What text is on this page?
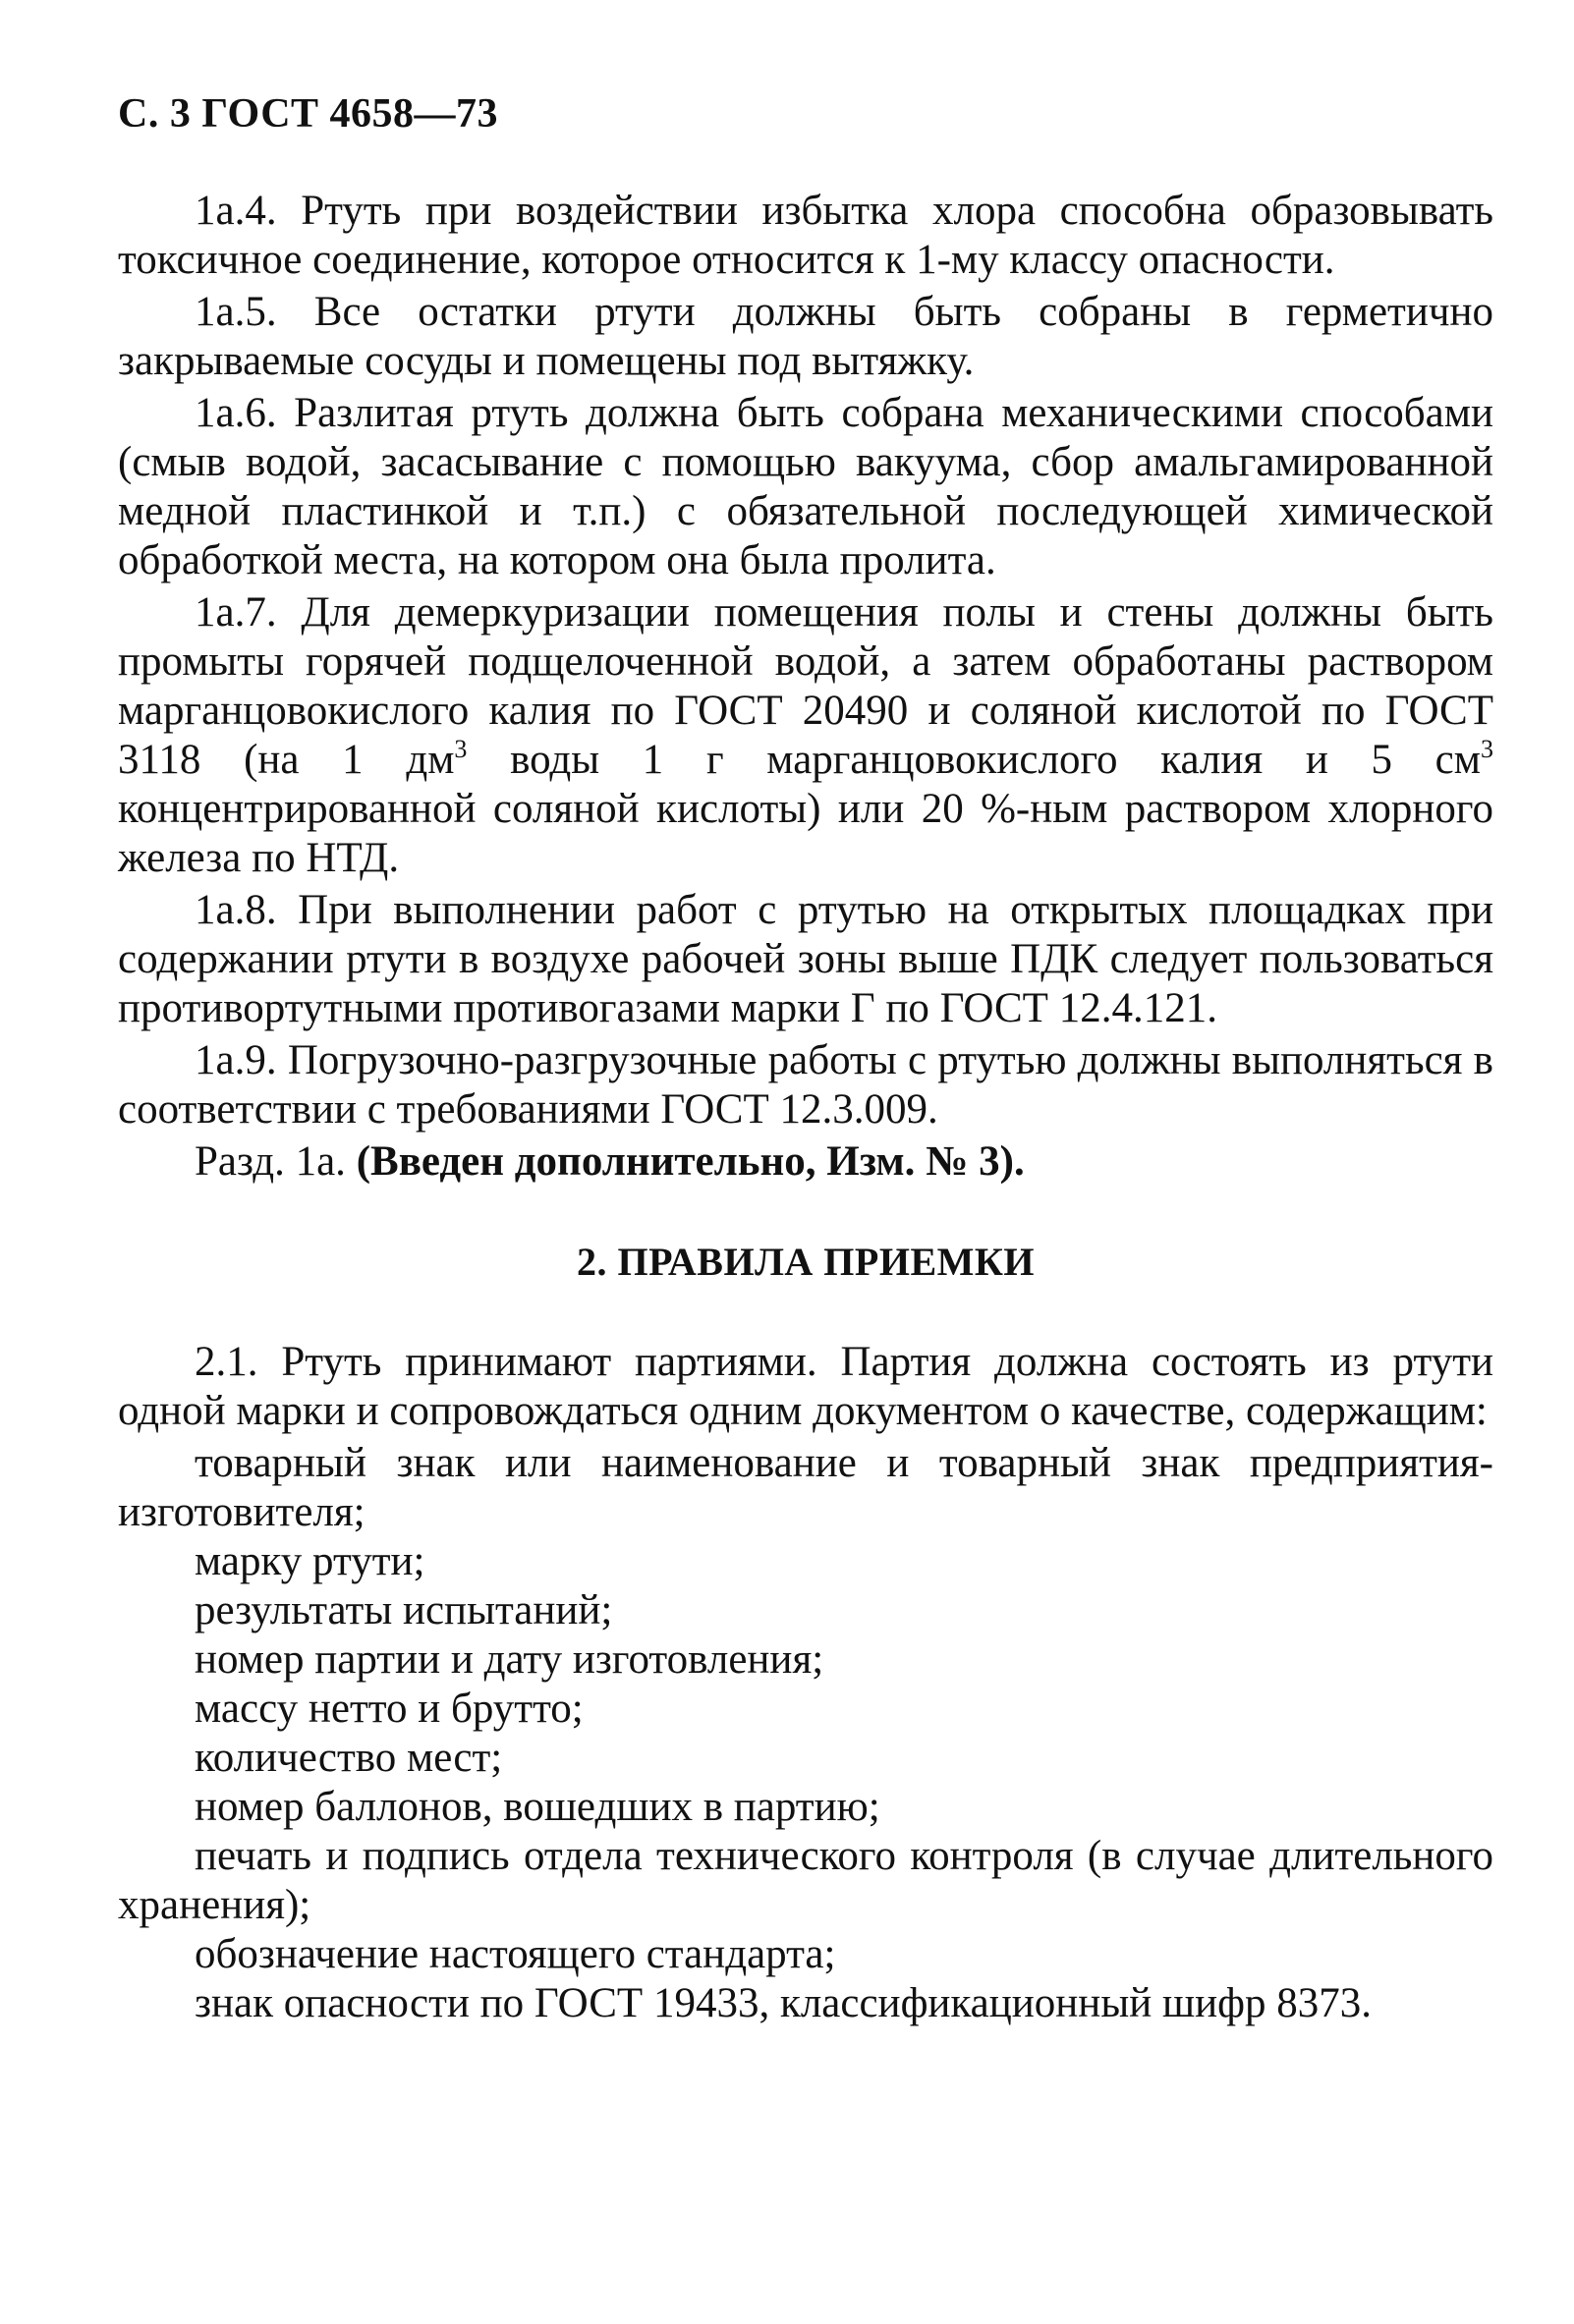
С. 3 ГОСТ 4658—73

1а.4. Ртуть при воздействии избытка хлора способна образовывать токсичное соединение, которое относится к 1-му классу опасности.

1а.5. Все остатки ртути должны быть собраны в герметично закрываемые сосуды и помещены под вытяжку.

1а.6. Разлитая ртуть должна быть собрана механическими способами (смыв водой, засасывание с помощью вакуума, сбор амальгамированной медной пластинкой и т.п.) с обязательной последующей химической обработкой места, на котором она была пролита.

1а.7. Для демеркуризации помещения полы и стены должны быть промыты горячей подщелоченной водой, а затем обработаны раствором марганцовокислого калия по ГОСТ 20490 и соляной кислотой по ГОСТ 3118 (на 1 $дм^3$ воды 1 г марганцовокислого калия и 5 $см^3$ концентрированной соляной кислоты) или 20 %-ным раствором хлорного железа по НТД.

1а.8. При выполнении работ с ртутью на открытых площадках при содержании ртути в воздухе рабочей зоны выше ПДК следует пользоваться противортутными противогазами марки Г по ГОСТ 12.4.121.

1а.9. Погрузочно-разгрузочные работы с ртутью должны выполняться в соответствии с требованиями ГОСТ 12.3.009.

Разд. 1а. (Введен дополнительно, Изм. № 3).

2. ПРАВИЛА ПРИЕМКИ

2.1. Ртуть принимают партиями. Партия должна состоять из ртути одной марки и сопровождаться одним документом о качестве, содержащим:

товарный знак или наименование и товарный знак предприятия-изготовителя;

марку ртути;

результаты испытаний;

номер партии и дату изготовления;

массу нетто и брутто;

количество мест;

номер баллонов, вошедших в партию;

печать и подпись отдела технического контроля (в случае длительного хранения);

обозначение настоящего стандарта;

знак опасности по ГОСТ 19433, классификационный шифр 8373.
